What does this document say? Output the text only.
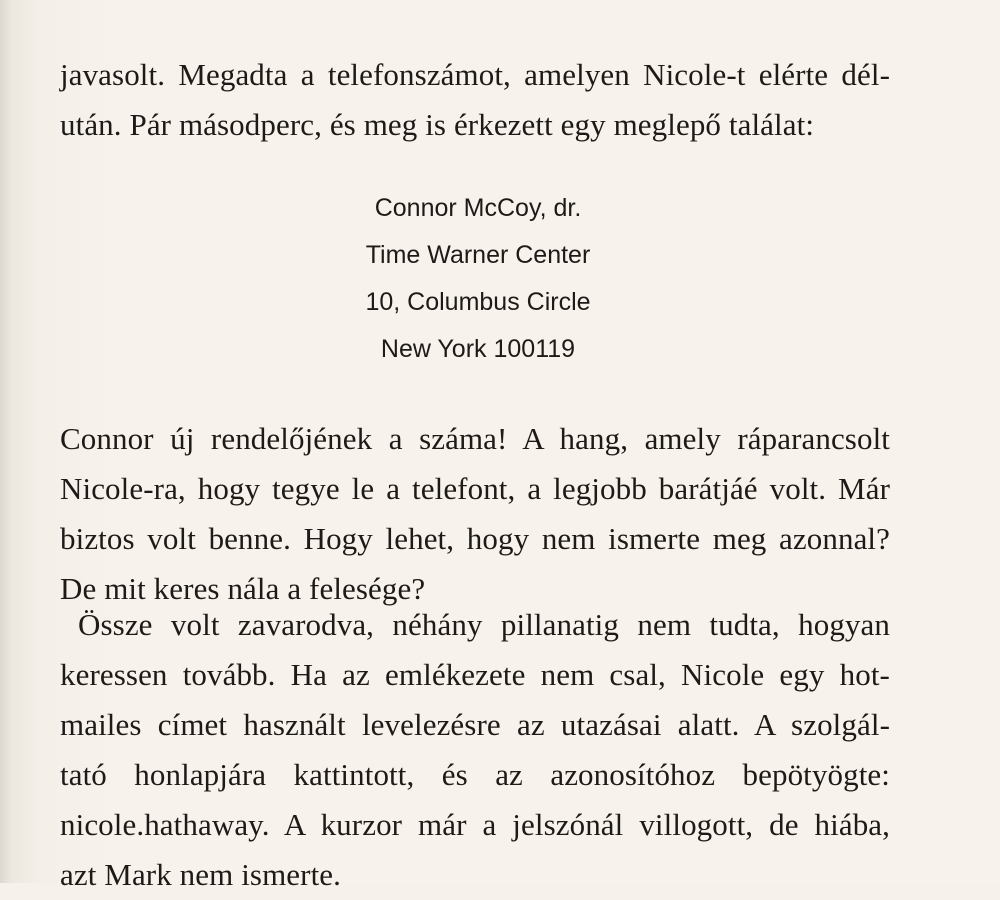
javasolt. Megadta a telefonszámot, amelyen Nicole-t elérte dél-
után. Pár másodperc, és meg is érkezett egy meglepő találat:
Connor McCoy, dr.
Time Warner Center
10, Columbus Circle
New York 100119
Connor új rendelőjének a száma! A hang, amely ráparancsolt
Nicole-ra, hogy tegye le a telefont, a legjobb barátjáé volt. Már
biztos volt benne. Hogy lehet, hogy nem ismerte meg azonnal?
De mit keres nála a felesége?
Össze volt zavarodva, néhány pillanatig nem tudta, hogyan
keressen tovább. Ha az emlékezete nem csal, Nicole egy hot-
mailes címet használt levelezésre az utazásai alatt. A szolgál-
tató honlapjára kattintott, és az azonosítóhoz bepötyögte:
nicole.hathaway. A kurzor már a jelszónál villogott, de hiába,
azt Mark nem ismerte.
